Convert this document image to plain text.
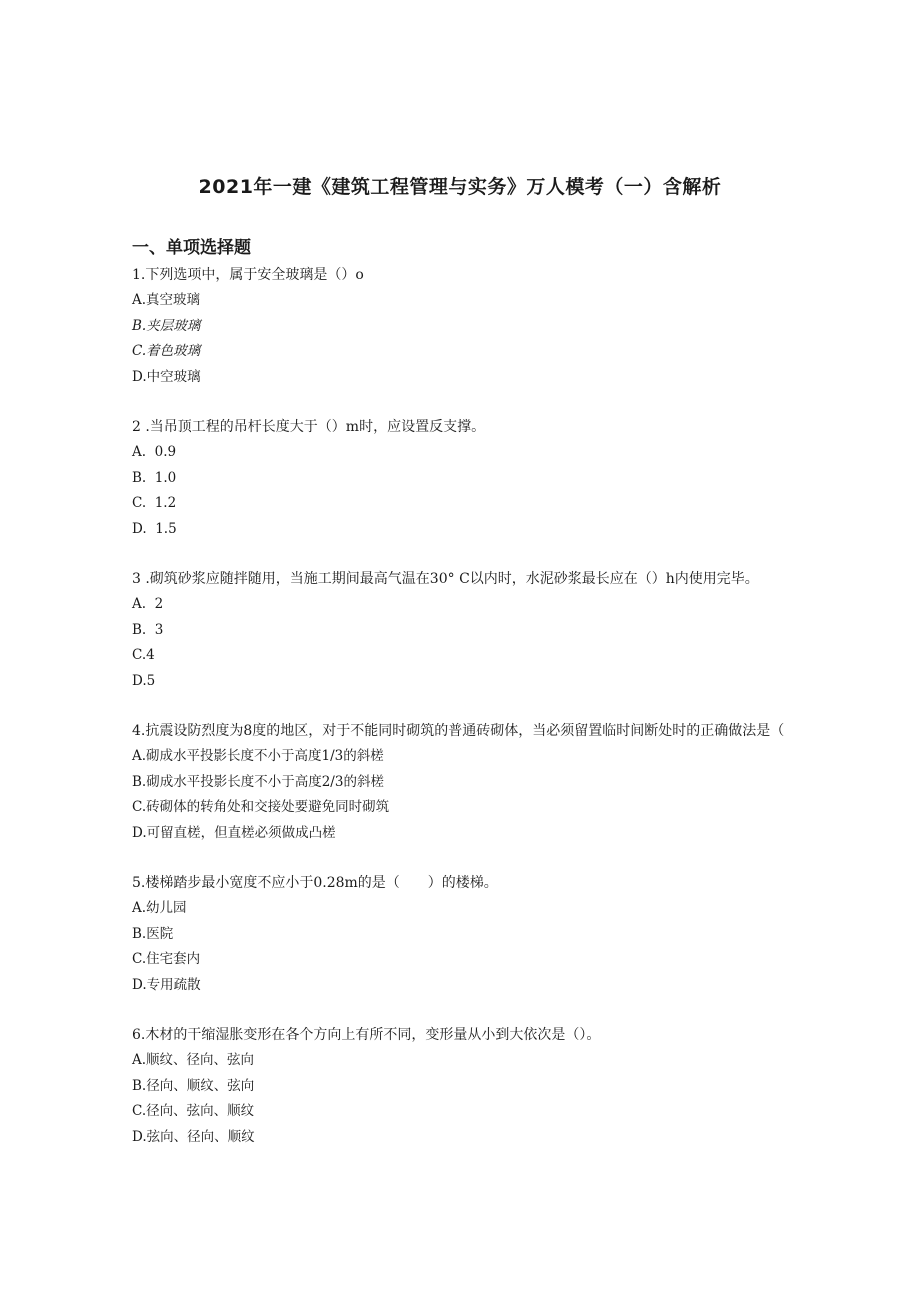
2021年一建《建筑工程管理与实务》万人模考（一）含解析
一、单项选择题

1.下列选项中，属于安全玻璃是（）o

A.真空玻璃

B.夹层玻璃

C.着色玻璃

D.中空玻璃

2 .当吊顶工程的吊杆长度大于（）m时，应设置反支撑。

A.  0.9

B.  1.0

C.  1.2

D.  1.5

3 .砌筑砂浆应随拌随用，当施工期间最高气温在30° C以内时，水泥砂浆最长应在（）h内使用完毕。

A.  2

B.  3

C.4

D.5

4.抗震设防烈度为8度的地区，对于不能同时砌筑的普通砖砌体，当必须留置临时间断处时的正确做法是（

A.砌成水平投影长度不小于高度1/3的斜槎

B.砌成水平投影长度不小于高度2/3的斜槎

C.砖砌体的转角处和交接处要避免同时砌筑

D.可留直槎，但直槎必须做成凸槎

5.楼梯踏步最小宽度不应小于0.28m的是（　　）的楼梯。

A.幼儿园

B.医院

C.住宅套内

D.专用疏散

6.木材的干缩湿胀变形在各个方向上有所不同，变形量从小到大依次是（）。

A.顺纹、径向、弦向

B.径向、顺纹、弦向

C.径向、弦向、顺纹

D.弦向、径向、顺纹
